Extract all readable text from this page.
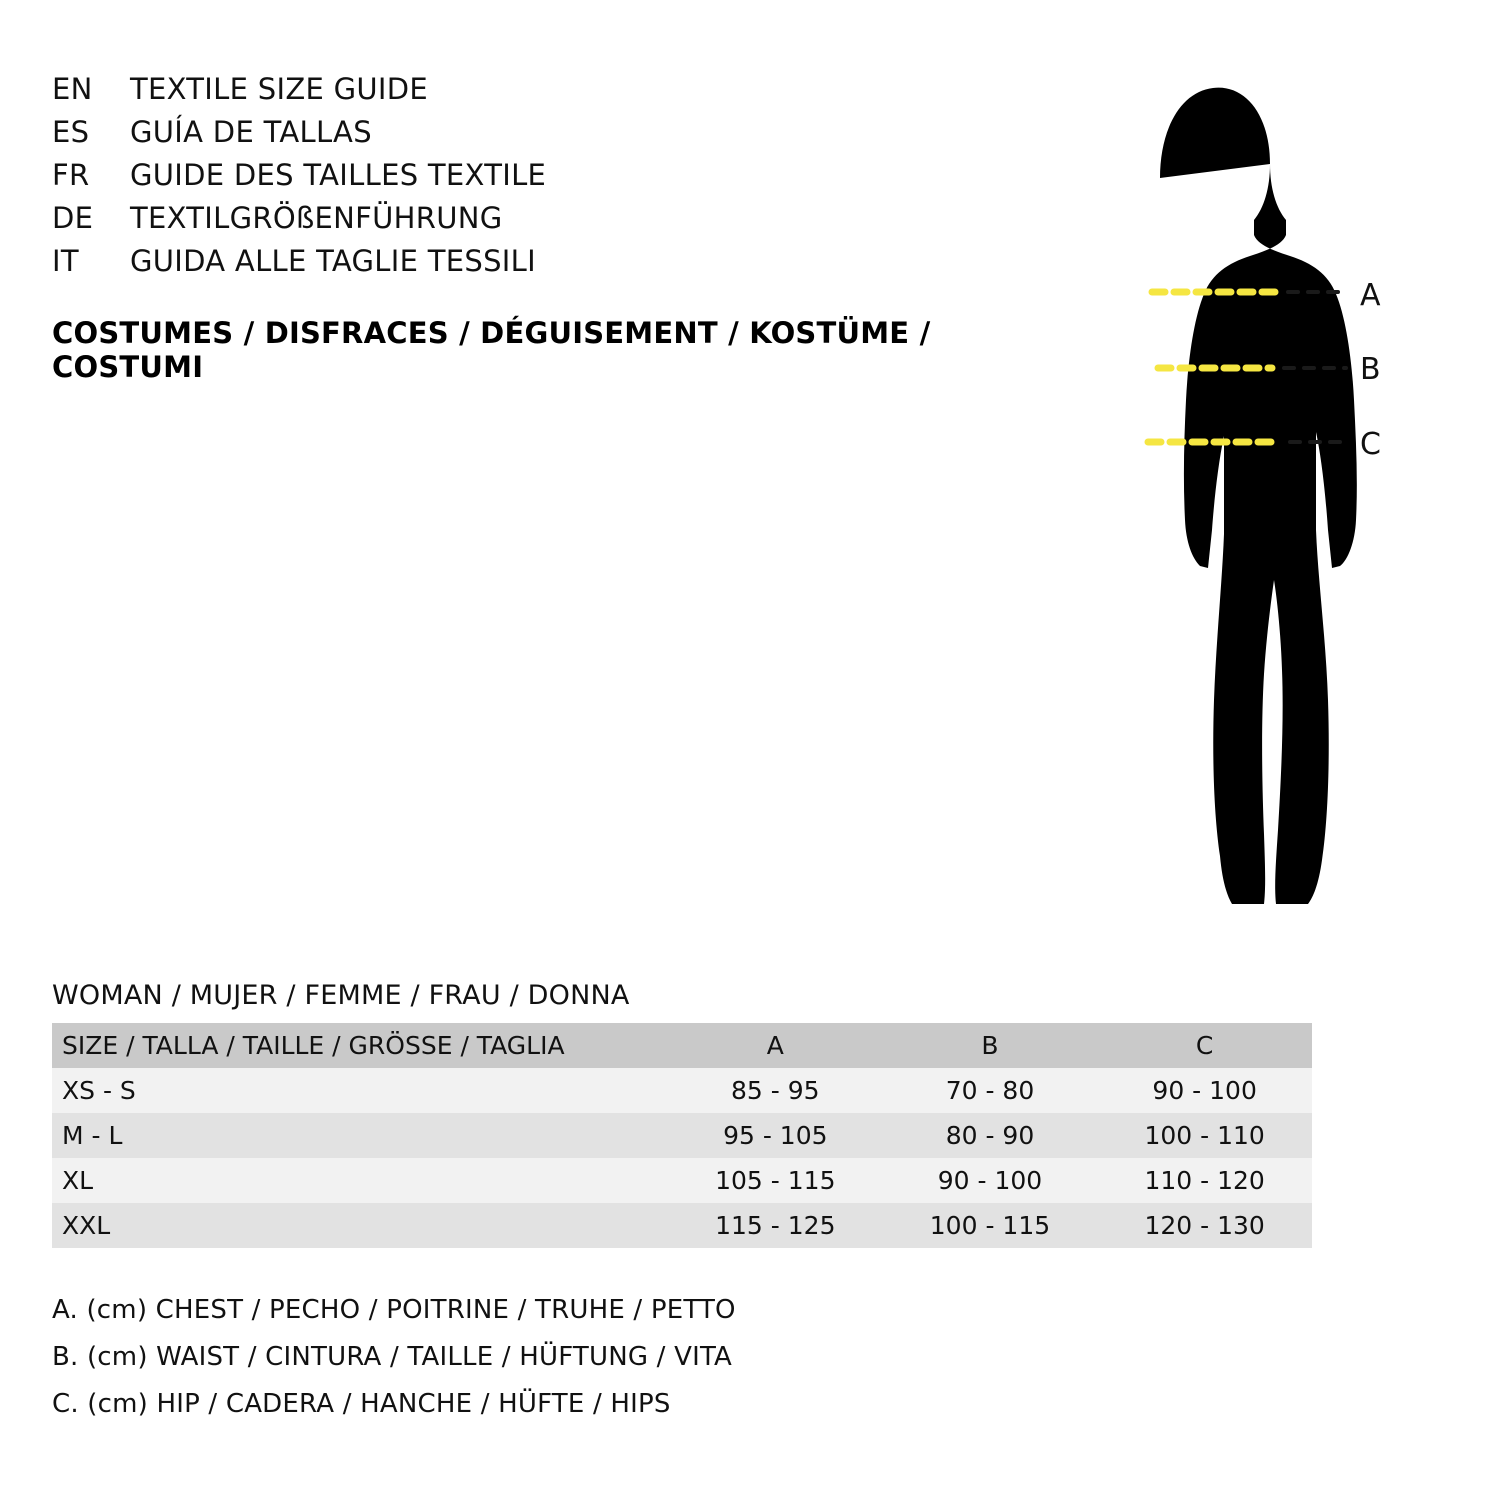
EN	TEXTILE SIZE GUIDE
ES	GUÍA DE TALLAS
FR	GUIDE DES TAILLES TEXTILE
DE	TEXTILGRÖßENFÜHRUNG
IT	GUIDA ALLE TAGLIE TESSILI
COSTUMES / DISFRACES / DÉGUISEMENT / KOSTÜME / COSTUMI
A
B
C
WOMAN / MUJER / FEMME / FRAU / DONNA
SIZE / TALLA / TAILLE / GRÖSSE / TAGLIA	A	B	C
XS - S	85 - 95	70 - 80	90 - 100
M - L	95 - 105	80 - 90	100 - 110
XL	105 - 115	90 - 100	110 - 120
XXL	115 - 125	100 - 115	120 - 130
A. (cm) CHEST / PECHO / POITRINE / TRUHE / PETTO
B. (cm) WAIST / CINTURA / TAILLE / HÜFTUNG / VITA
C. (cm) HIP / CADERA / HANCHE / HÜFTE / HIPS
